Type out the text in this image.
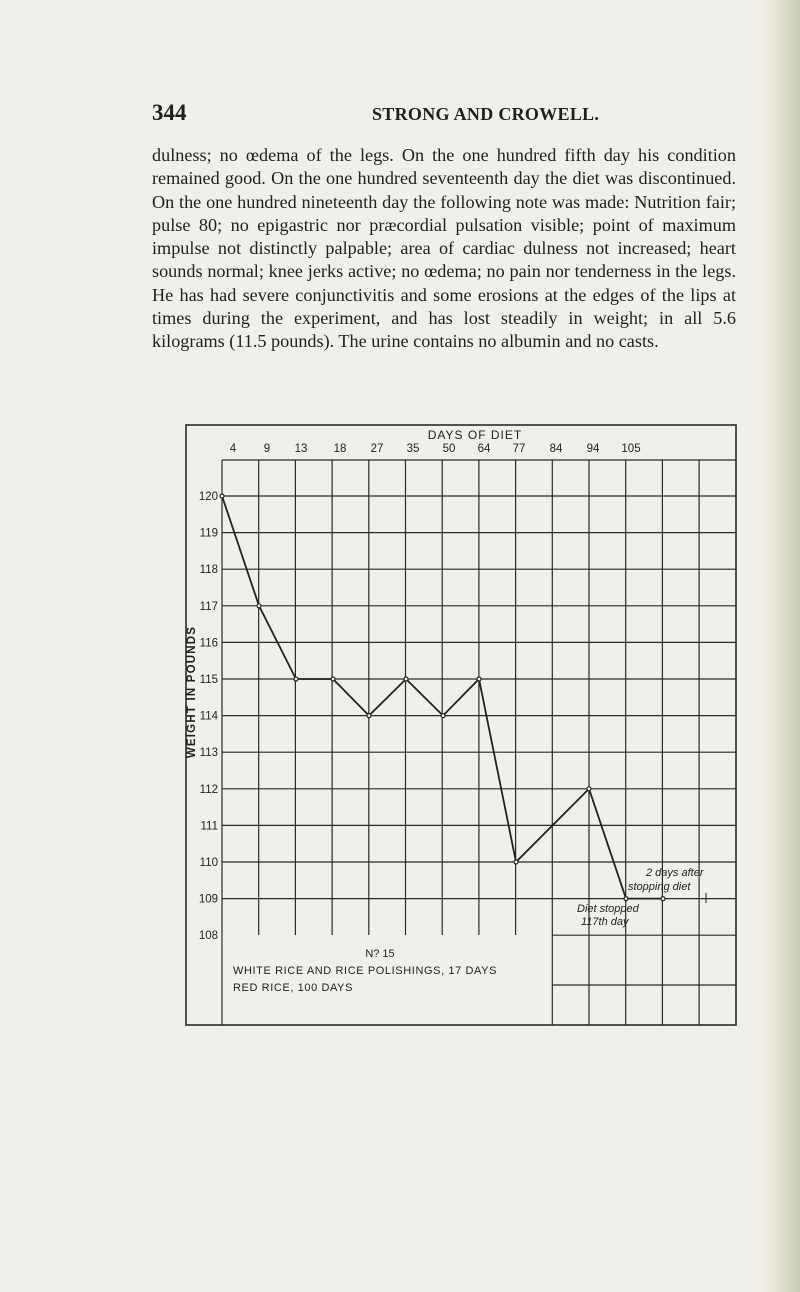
344	STRONG AND CROWELL.
dulness; no œdema of the legs. On the one hundred fifth day his condition remained good. On the one hundred seventeenth day the diet was discontinued. On the one hundred nineteenth day the following note was made: Nutrition fair; pulse 80; no epigastric nor præcordial pulsation visible; point of maximum impulse not distinctly palpable; area of cardiac dulness not increased; heart sounds normal; knee jerks active; no œdema; no pain nor tenderness in the legs. He has had severe conjunctivitis and some erosions at the edges of the lips at times during the experiment, and has lost steadily in weight; in all 5.6 kilograms (11.5 pounds). The urine contains no albumin and no casts.
DAYS OF DIET
4 9 13 18 27 35 50 64 77 84 94 105
120
119
118
117
116
115
114
113
112
111
110
109
108
WEIGHT IN POUNDS
Diet stopped
117th day
2 days after
stopping diet
N? 15
WHITE RICE AND RICE POLISHINGS, 17 DAYS
RED RICE, 100 DAYS
